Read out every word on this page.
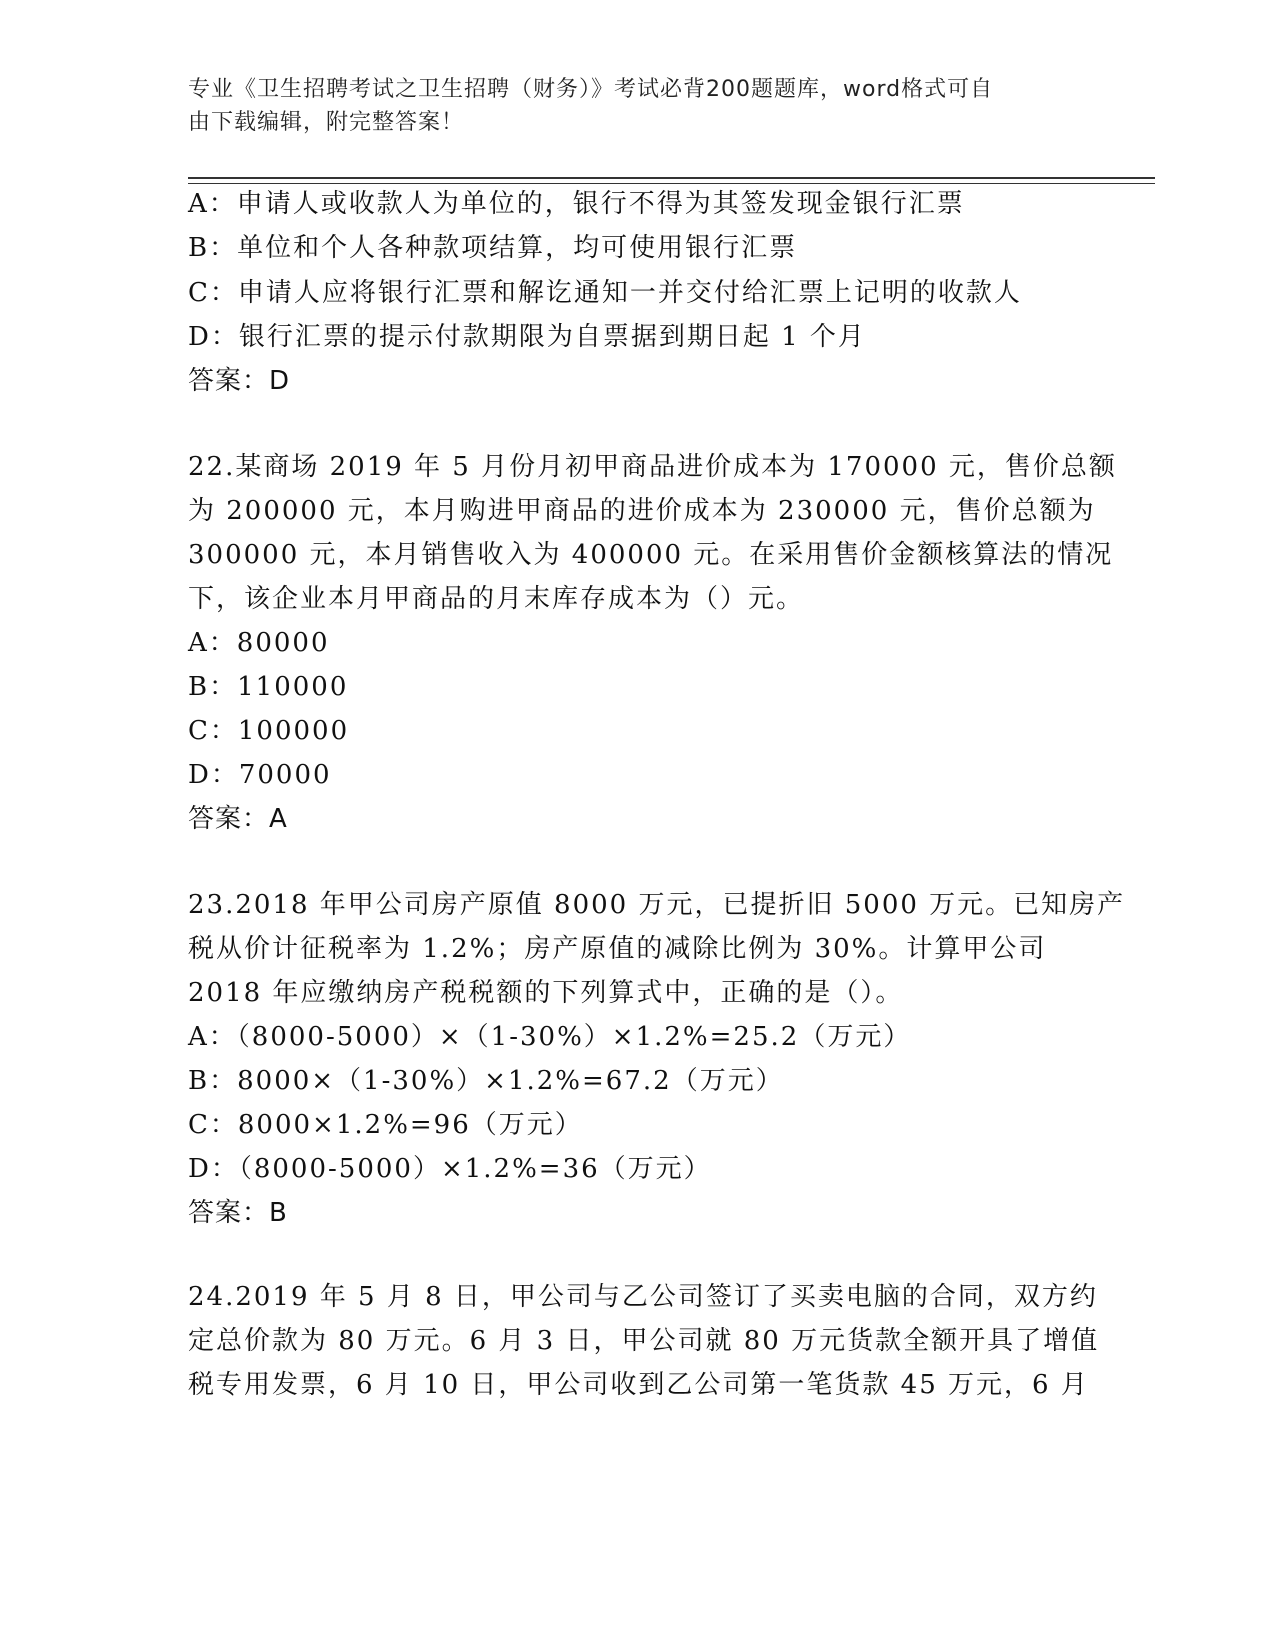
专业《卫生招聘考试之卫生招聘（财务）》考试必背200题题库，word格式可自
由下载编辑，附完整答案！
A：申请人或收款人为单位的，银行不得为其签发现金银行汇票
B：单位和个人各种款项结算，均可使用银行汇票
C：申请人应将银行汇票和解讫通知一并交付给汇票上记明的收款人
D：银行汇票的提示付款期限为自票据到期日起 1 个月
答案：D
22.某商场 2019 年 5 月份月初甲商品进价成本为 170000 元，售价总额
为 200000 元，本月购进甲商品的进价成本为 230000 元，售价总额为
300000 元，本月销售收入为 400000 元。在采用售价金额核算法的情况
下，该企业本月甲商品的月末库存成本为（）元。
A：80000
B：110000
C：100000
D：70000
答案：A
23.2018 年甲公司房产原值 8000 万元，已提折旧 5000 万元。已知房产
税从价计征税率为 1.2%；房产原值的减除比例为 30%。计算甲公司
2018 年应缴纳房产税税额的下列算式中，正确的是（）。
A：（8000-5000）×（1-30%）×1.2%=25.2（万元）
B：8000×（1-30%）×1.2%=67.2（万元）
C：8000×1.2%=96（万元）
D：（8000-5000）×1.2%=36（万元）
答案：B
24.2019 年 5 月 8 日，甲公司与乙公司签订了买卖电脑的合同，双方约
定总价款为 80 万元。6 月 3 日，甲公司就 80 万元货款全额开具了增值
税专用发票，6 月 10 日，甲公司收到乙公司第一笔货款 45 万元，6 月
